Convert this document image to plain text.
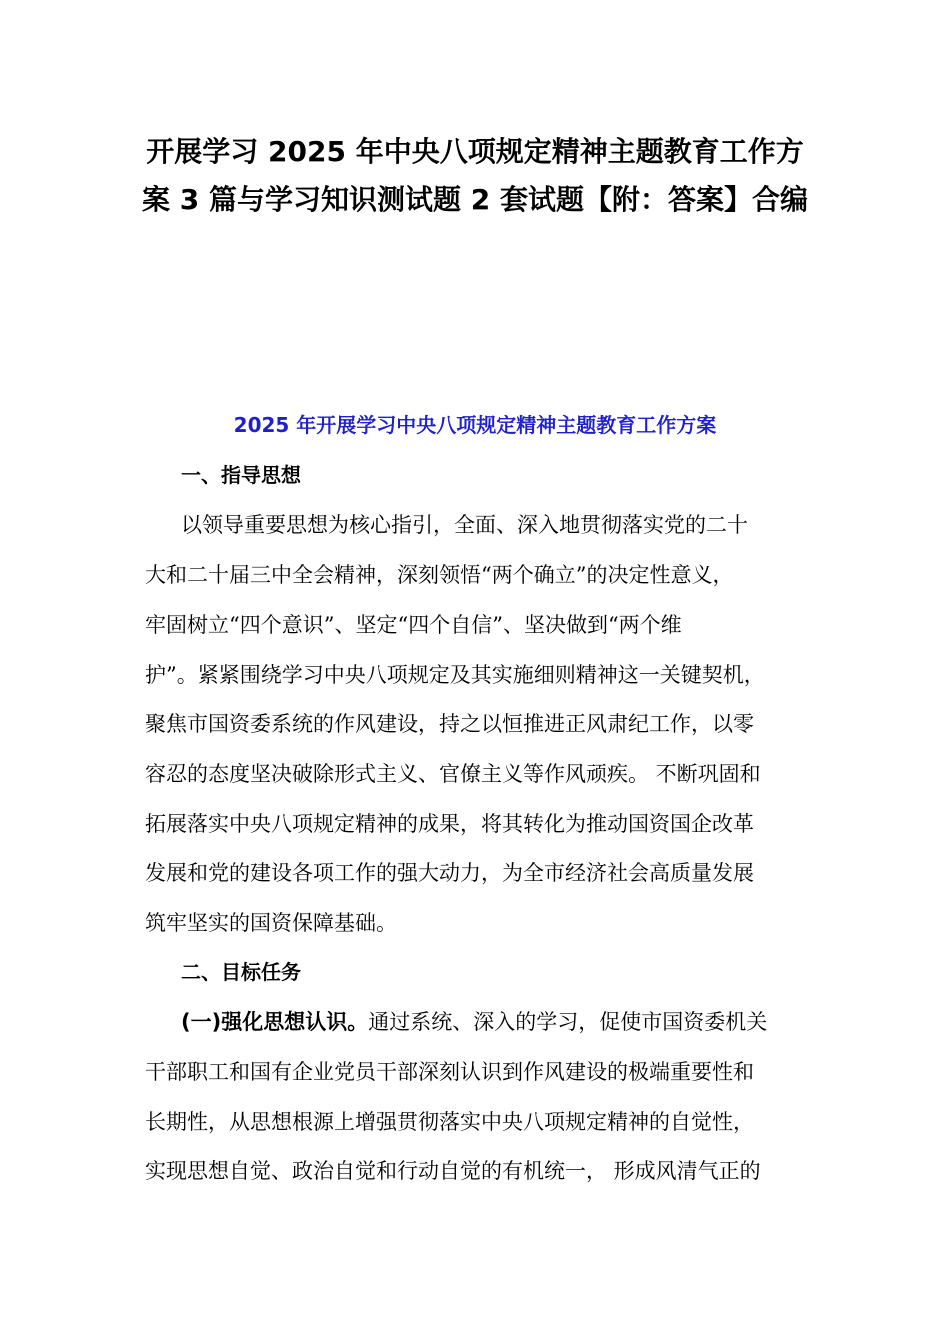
开展学习 2025 年中央八项规定精神主题教育工作方
案 3 篇与学习知识测试题 2 套试题【附：答案】合编
2025 年开展学习中央八项规定精神主题教育工作方案
一、指导思想

以领导重要思想为核心指引，全面、深入地贯彻落实党的二十

大和二十届三中全会精神，深刻领悟“两个确立”的决定性意义，

牢固树立“四个意识”、坚定“四个自信”、坚决做到“两个维

护”。紧紧围绕学习中央八项规定及其实施细则精神这一关键契机，

聚焦市国资委系统的作风建设，持之以恒推进正风肃纪工作，以零

容忍的态度坚决破除形式主义、官僚主义等作风顽疾。 不断巩固和

拓展落实中央八项规定精神的成果，将其转化为推动国资国企改革

发展和党的建设各项工作的强大动力，为全市经济社会高质量发展

筑牢坚实的国资保障基础。

二、目标任务

(一)强化思想认识。通过系统、深入的学习，促使市国资委机关

干部职工和国有企业党员干部深刻认识到作风建设的极端重要性和

长期性，从思想根源上增强贯彻落实中央八项规定精神的自觉性，

实现思想自觉、政治自觉和行动自觉的有机统一， 形成风清气正的
